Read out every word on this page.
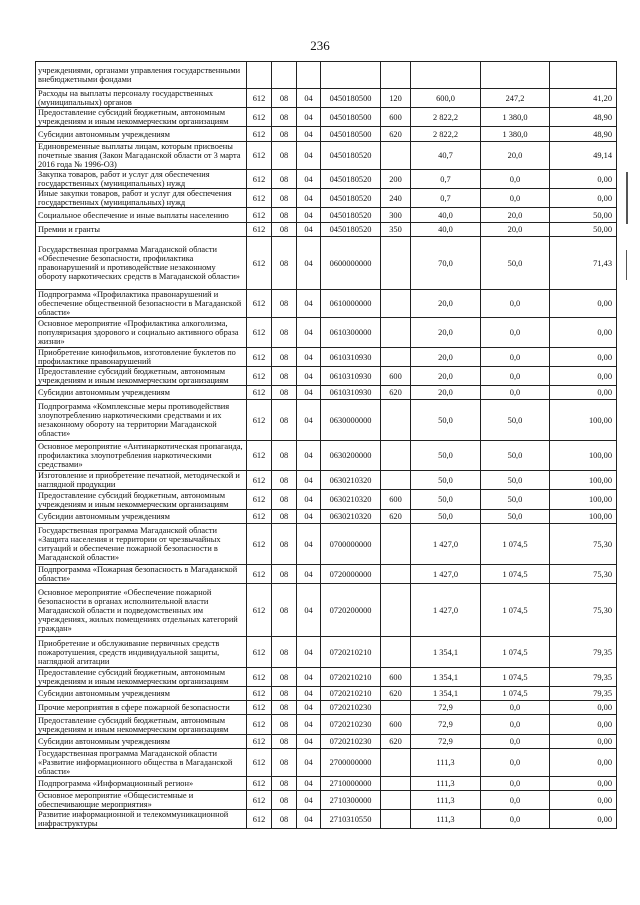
236
учреждениями, органами управления государственными внебюджетными фондами								
Расходы на выплаты персоналу государственных (муниципальных) органов	612	08	04	0450180500	120	600,0	247,2	41,20
Предоставление субсидий бюджетным, автономным учреждениям и иным некоммерческим организациям	612	08	04	0450180500	600	2 822,2	1 380,0	48,90
Субсидии автономным учреждениям	612	08	04	0450180500	620	2 822,2	1 380,0	48,90
Единовременные выплаты лицам, которым присвоены почетные звания (Закон Магаданской области от 3 марта 2016 года № 1996-ОЗ)	612	08	04	0450180520		40,7	20,0	49,14
Закупка товаров, работ и услуг для обеспечения государственных (муниципальных) нужд	612	08	04	0450180520	200	0,7	0,0	0,00
Иные закупки товаров, работ и услуг для обеспечения государственных (муниципальных) нужд	612	08	04	0450180520	240	0,7	0,0	0,00
Социальное обеспечение и иные выплаты населению	612	08	04	0450180520	300	40,0	20,0	50,00
Премии и гранты	612	08	04	0450180520	350	40,0	20,0	50,00
Государственная программа Магаданской области «Обеспечение безопасности, профилактика правонарушений и противодействие незаконному обороту наркотических средств в Магаданской области»	612	08	04	0600000000		70,0	50,0	71,43
Подпрограмма «Профилактика правонарушений и обеспечение общественной безопасности в Магаданской области»	612	08	04	0610000000		20,0	0,0	0,00
Основное мероприятие «Профилактика алкоголизма, популяризация здорового и социально активного образа жизни»	612	08	04	0610300000		20,0	0,0	0,00
Приобретение кинофильмов, изготовление буклетов по профилактике правонарушений	612	08	04	0610310930		20,0	0,0	0,00
Предоставление субсидий бюджетным, автономным учреждениям и иным некоммерческим организациям	612	08	04	0610310930	600	20,0	0,0	0,00
Субсидии автономным учреждениям	612	08	04	0610310930	620	20,0	0,0	0,00
Подпрограмма «Комплексные меры противодействия злоупотреблению наркотическими средствами и их незаконному обороту на территории Магаданской области»	612	08	04	0630000000		50,0	50,0	100,00
Основное мероприятие «Антинаркотическая пропаганда, профилактика злоупотребления наркотическими средствами»	612	08	04	0630200000		50,0	50,0	100,00
Изготовление и приобретение печатной, методической и наглядной продукции	612	08	04	0630210320		50,0	50,0	100,00
Предоставление субсидий бюджетным, автономным учреждениям и иным некоммерческим организациям	612	08	04	0630210320	600	50,0	50,0	100,00
Субсидии автономным учреждениям	612	08	04	0630210320	620	50,0	50,0	100,00
Государственная программа Магаданской области «Защита населения и территории от чрезвычайных ситуаций и обеспечение пожарной безопасности в Магаданской области»	612	08	04	0700000000		1 427,0	1 074,5	75,30
Подпрограмма «Пожарная безопасность в Магаданской области»	612	08	04	0720000000		1 427,0	1 074,5	75,30
Основное мероприятие «Обеспечение пожарной безопасности в органах исполнительной власти Магаданской области и подведомственных им учреждениях, жилых помещениях отдельных категорий граждан»	612	08	04	0720200000		1 427,0	1 074,5	75,30
Приобретение и обслуживание первичных средств пожаротушения, средств индивидуальной защиты, наглядной агитации	612	08	04	0720210210		1 354,1	1 074,5	79,35
Предоставление субсидий бюджетным, автономным учреждениям и иным некоммерческим организациям	612	08	04	0720210210	600	1 354,1	1 074,5	79,35
Субсидии автономным учреждениям	612	08	04	0720210210	620	1 354,1	1 074,5	79,35
Прочие мероприятия в сфере пожарной безопасности	612	08	04	0720210230		72,9	0,0	0,00
Предоставление субсидий бюджетным, автономным учреждениям и иным некоммерческим организациям	612	08	04	0720210230	600	72,9	0,0	0,00
Субсидии автономным учреждениям	612	08	04	0720210230	620	72,9	0,0	0,00
Государственная программа Магаданской области «Развитие информационного общества в Магаданской области»	612	08	04	2700000000		111,3	0,0	0,00
Подпрограмма «Информационный регион»	612	08	04	2710000000		111,3	0,0	0,00
Основное мероприятие «Общесистемные и обеспечивающие мероприятия»	612	08	04	2710300000		111,3	0,0	0,00
Развитие информационной и телекоммуникационной инфраструктуры	612	08	04	2710310550		111,3	0,0	0,00
